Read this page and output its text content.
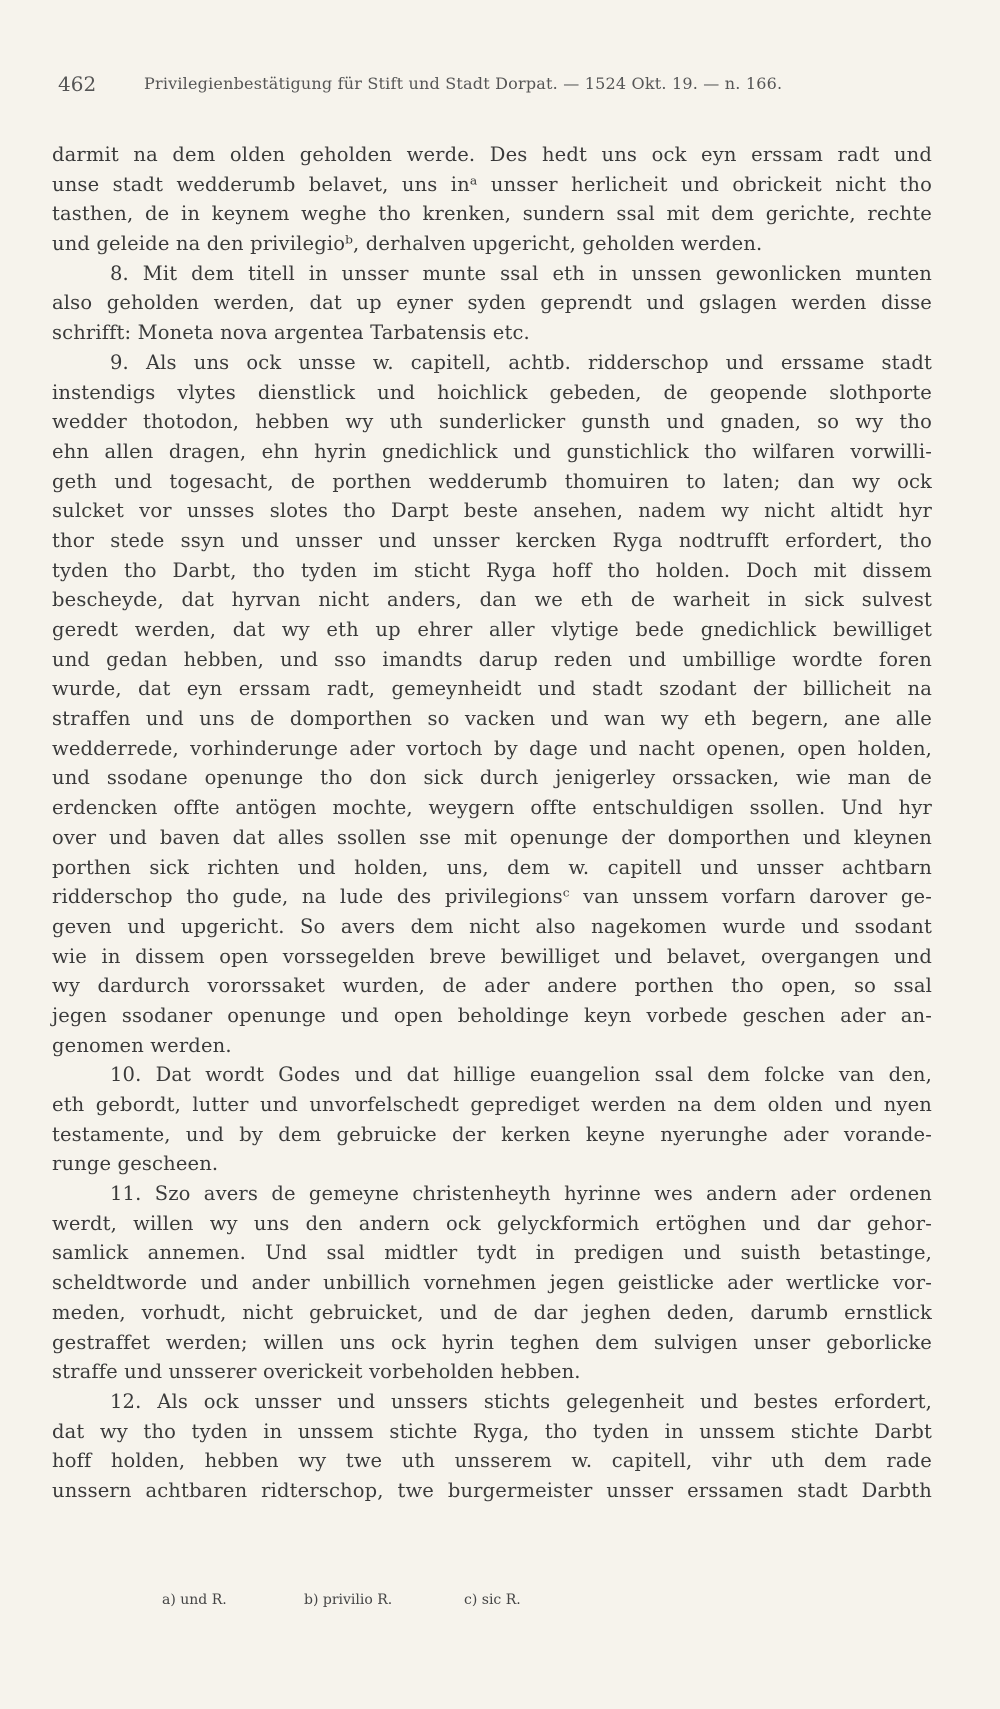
462	Privilegienbestätigung für Stift und Stadt Dorpat. — 1524 Okt. 19. — n. 166.
darmit na dem olden geholden werde. Des hedt uns ock eyn erssam radt und
unse stadt wedderumb belavet, uns inᵃ unsser herlicheit und obrickeit nicht tho
tasthen, de in keynem weghe tho krenken, sundern ssal mit dem gerichte, rechte
und geleide na den privilegioᵇ, derhalven upgericht, geholden werden.
8. Mit dem titell in unsser munte ssal eth in unssen gewonlicken munten
also geholden werden, dat up eyner syden geprendt und gslagen werden disse
schrifft: Moneta nova argentea Tarbatensis etc.
9. Als uns ock unsse w. capitell, achtb. ridderschop und erssame stadt
instendigs vlytes dienstlick und hoichlick gebeden, de geopende slothporte
wedder thotodon, hebben wy uth sunderlicker gunsth und gnaden, so wy tho
ehn allen dragen, ehn hyrin gnedichlick und gunstichlick tho wilfaren vorwilli-
geth und togesacht, de porthen wedderumb thomuiren to laten; dan wy ock
sulcket vor unsses slotes tho Darpt beste ansehen, nadem wy nicht altidt hyr
thor stede ssyn und unsser und unsser kercken Ryga nodtrufft erfordert, tho
tyden tho Darbt, tho tyden im sticht Ryga hoff tho holden. Doch mit dissem
bescheyde, dat hyrvan nicht anders, dan we eth de warheit in sick sulvest
geredt werden, dat wy eth up ehrer aller vlytige bede gnedichlick bewilliget
und gedan hebben, und sso imandts darup reden und umbillige wordte foren
wurde, dat eyn erssam radt, gemeynheidt und stadt szodant der billicheit na
straffen und uns de domporthen so vacken und wan wy eth begern, ane alle
wedderrede, vorhinderunge ader vortoch by dage und nacht openen, open holden,
und ssodane openunge tho don sick durch jenigerley orssacken, wie man de
erdencken offte antögen mochte, weygern offte entschuldigen ssollen. Und hyr
over und baven dat alles ssollen sse mit openunge der domporthen und kleynen
porthen sick richten und holden, uns, dem w. capitell und unsser achtbarn
ridderschop tho gude, na lude des privilegionsᶜ van unssem vorfarn darover ge-
geven und upgericht. So avers dem nicht also nagekomen wurde und ssodant
wie in dissem open vorssegelden breve bewilliget und belavet, overgangen und
wy dardurch vororssaket wurden, de ader andere porthen tho open, so ssal
jegen ssodaner openunge und open beholdinge keyn vorbede geschen ader an-
genomen werden.
10. Dat wordt Godes und dat hillige euangelion ssal dem folcke van den,
eth gebordt, lutter und unvorfelschedt geprediget werden na dem olden und nyen
testamente, und by dem gebruicke der kerken keyne nyerunghe ader vorande-
runge gescheen.
11. Szo avers de gemeyne christenheyth hyrinne wes andern ader ordenen
werdt, willen wy uns den andern ock gelyckformich ertöghen und dar gehor-
samlick annemen. Und ssal midtler tydt in predigen und suisth betastinge,
scheldtworde und ander unbillich vornehmen jegen geistlicke ader wertlicke vor-
meden, vorhudt, nicht gebruicket, und de dar jeghen deden, darumb ernstlick
gestraffet werden; willen uns ock hyrin teghen dem sulvigen unser geborlicke
straffe und unsserer overickeit vorbeholden hebben.
12. Als ock unsser und unssers stichts gelegenheit und bestes erfordert,
dat wy tho tyden in unssem stichte Ryga, tho tyden in unssem stichte Darbt
hoff holden, hebben wy twe uth unsserem w. capitell, vihr uth dem rade
unssern achtbaren ridterschop, twe burgermeister unsser erssamen stadt Darbth
a) und R.	b) privilio R.	c) sic R.
